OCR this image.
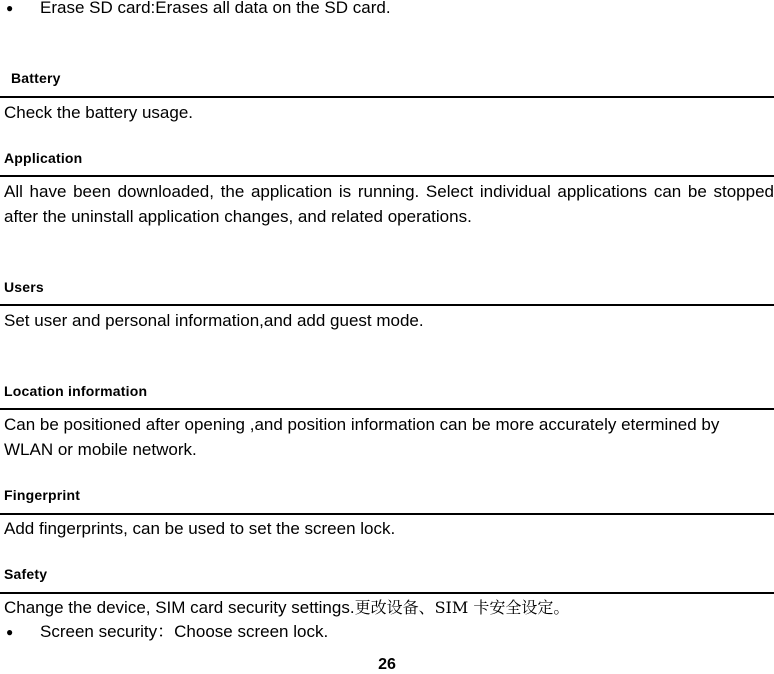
● Erase SD card:Erases all data on the SD card.
Battery
Check the battery usage.
Application
All have been downloaded, the application is running. Select individual applications can be stopped after the uninstall application changes, and related operations.
Users
Set user and personal information,and add guest mode.
Location information
Can be positioned after opening ,and position information can be more accurately etermined by WLAN or mobile network.
Fingerprint
Add fingerprints, can be used to set the screen lock.
Safety
Change the device, SIM card security settings.更改设备、SIM 卡安全设定。
● Screen security：Choose screen lock.
26
